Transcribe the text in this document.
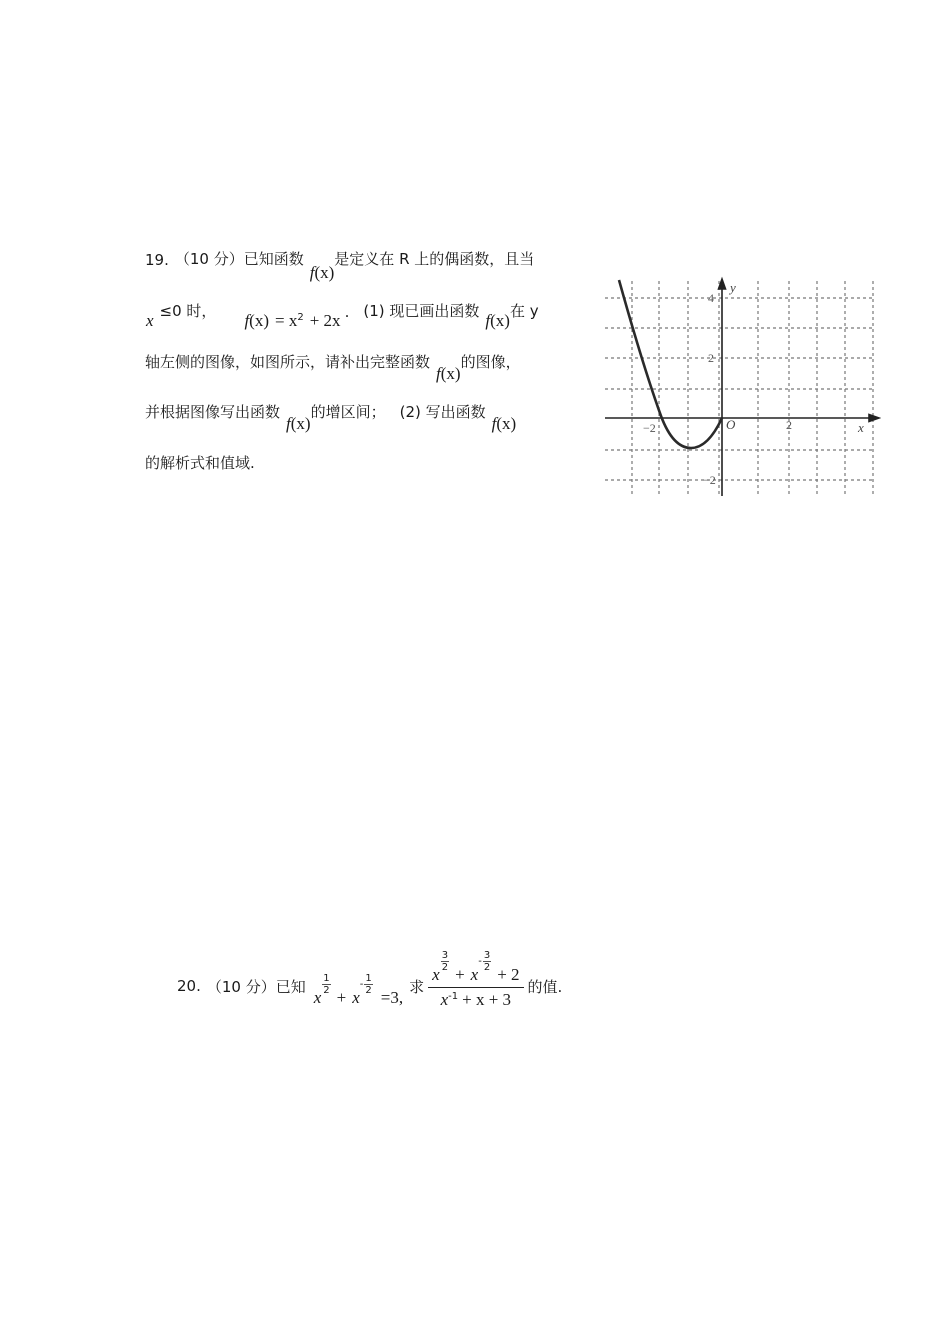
19. （10 分） 已知函数
f (x)
是定义在 R 上的偶函数，且当
x ≤0 时， f (x) = x 2 + 2x . (1) 现已画出函数 f (x) 在 y
轴左侧的图像，如图所示，请补出完整函数
f (x)
的图像，
并根据图像写出函数
f (x)
的增区间； (2) 写出函数
f (x)
的解析式和值域.
y
x
O
−2	2
4
2
−2
20. （10 分） 已知
x
1
2 + x
-
1
2 =3,
求
x
3
2 + x
-
3
2 + 2
x -1 + x + 3
的值.
